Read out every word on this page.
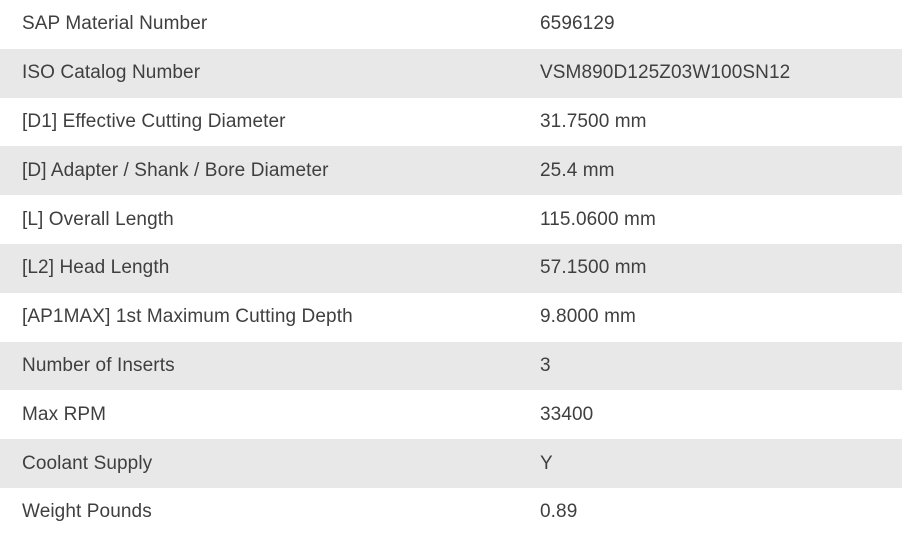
SAP Material Number	6596129
ISO Catalog Number	VSM890D125Z03W100SN12
[D1] Effective Cutting Diameter	31.7500 mm
[D] Adapter / Shank / Bore Diameter	25.4 mm
[L] Overall Length	115.0600 mm
[L2] Head Length	57.1500 mm
[AP1MAX] 1st Maximum Cutting Depth	9.8000 mm
Number of Inserts	3
Max RPM	33400
Coolant Supply	Y
Weight Pounds	0.89
